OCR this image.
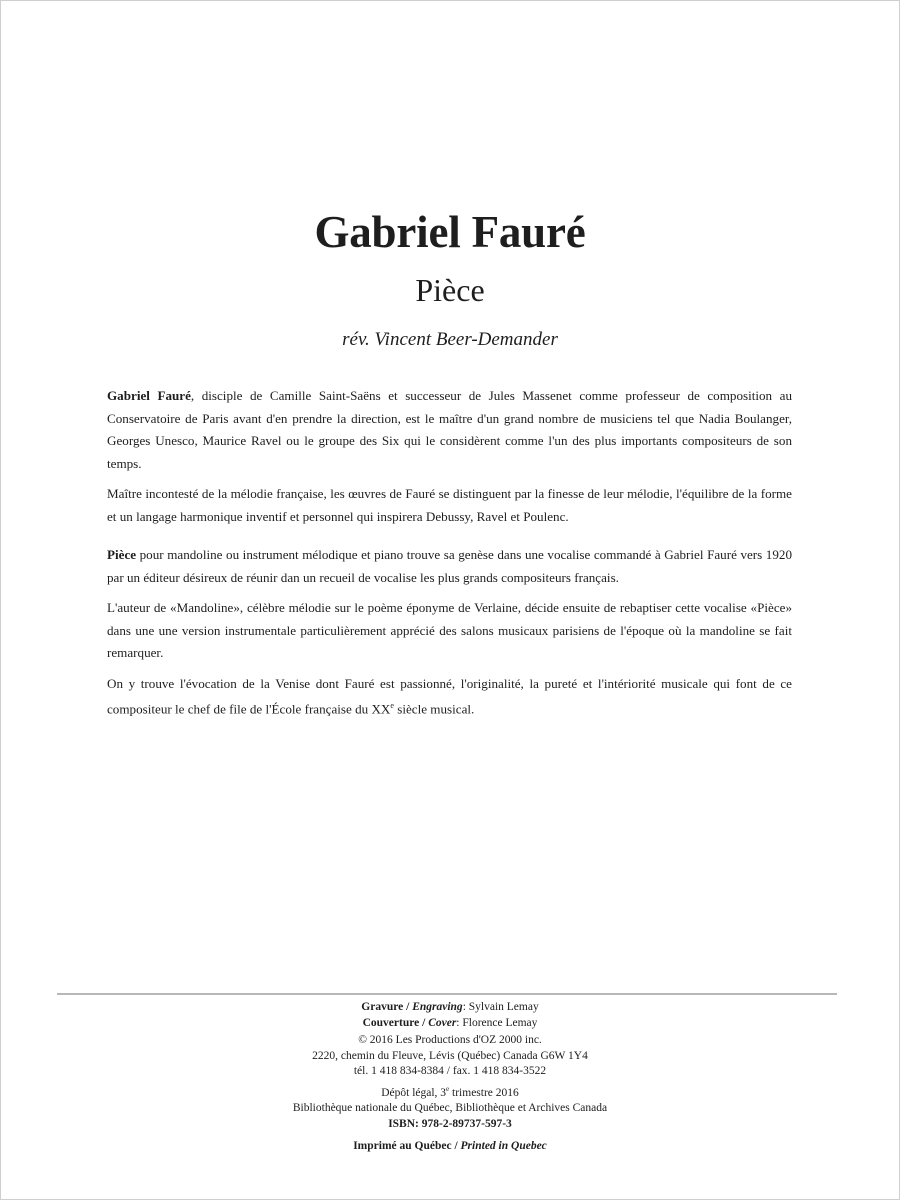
Gabriel Fauré
Pièce
rév. Vincent Beer-Demander

Gabriel Fauré, disciple de Camille Saint-Saëns et successeur de Jules Massenet comme professeur de composition au Conservatoire de Paris avant d'en prendre la direction, est le maître d'un grand nombre de musiciens tel que Nadia Boulanger, Georges Unesco, Maurice Ravel ou le groupe des Six qui le considèrent comme l'un des plus importants compositeurs de son temps.

Maître incontesté de la mélodie française, les œuvres de Fauré se distinguent par la finesse de leur mélodie, l'équilibre de la forme et un langage harmonique inventif et personnel qui inspirera Debussy, Ravel et Poulenc.

Pièce pour mandoline ou instrument mélodique et piano trouve sa genèse dans une vocalise commandé à Gabriel Fauré vers 1920 par un éditeur désireux de réunir dan un recueil de vocalise les plus grands compositeurs français.

L'auteur de «Mandoline», célèbre mélodie sur le poème éponyme de Verlaine, décide ensuite de rebaptiser cette vocalise «Pièce» dans une une version instrumentale particulièrement apprécié des salons musicaux parisiens de l'époque où la mandoline se fait remarquer.

On y trouve l'évocation de la Venise dont Fauré est passionné, l'originalité, la pureté et l'intériorité musicale qui font de ce compositeur le chef de file de l'École française du XXe siècle musical.

Gravure / Engraving: Sylvain Lemay
Couverture / Cover: Florence Lemay
© 2016 Les Productions d'OZ 2000 inc.
2220, chemin du Fleuve, Lévis (Québec) Canada G6W 1Y4
tél. 1 418 834-8384 / fax. 1 418 834-3522
Dépôt légal, 3e trimestre 2016
Bibliothèque nationale du Québec, Bibliothèque et Archives Canada
ISBN: 978-2-89737-597-3
Imprimé au Québec / Printed in Quebec
